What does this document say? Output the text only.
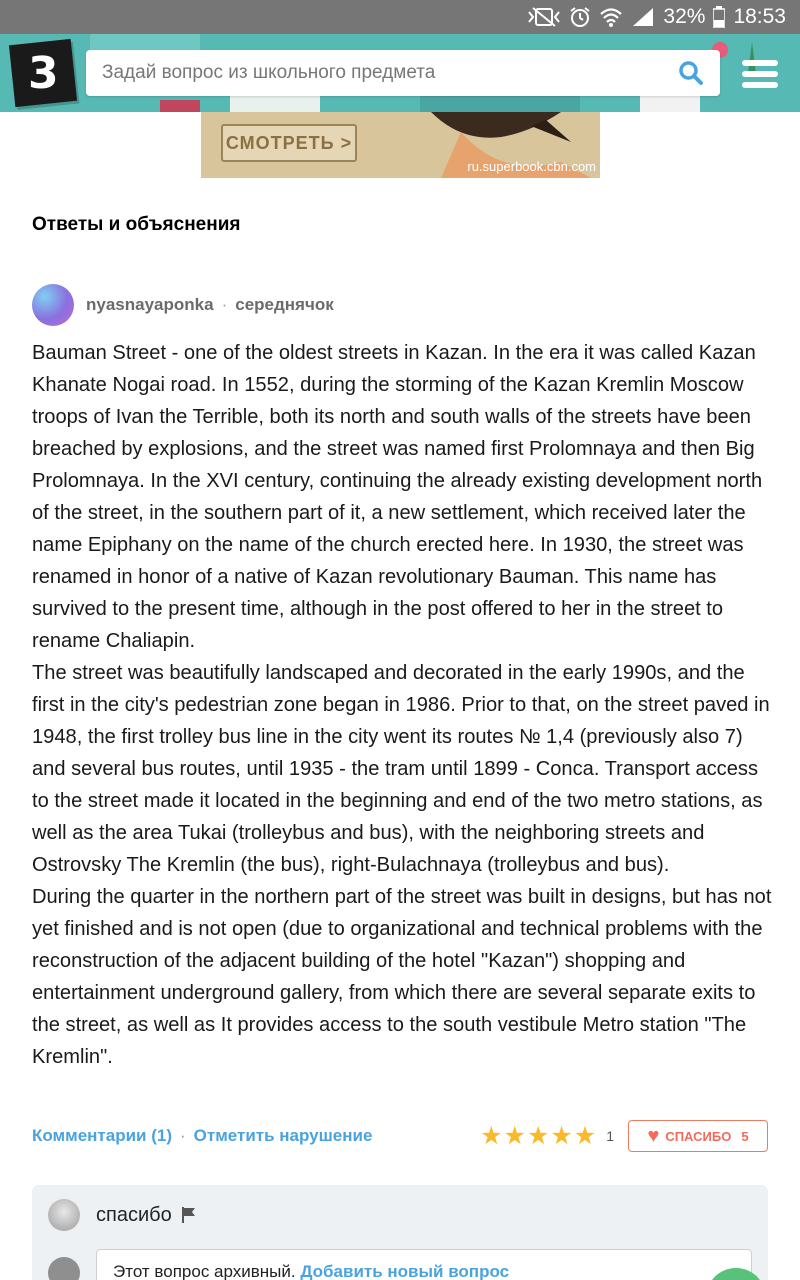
32% 18:53
3
Задай вопрос из школьного предмета
СМОТРЕТЬ >
ru.superbook.cbn.com
Ответы и объяснения
nyasnayaponka · середнячок

Bauman Street - one of the oldest streets in Kazan. In the era it was called Kazan Khanate Nogai road. In 1552, during the storming of the Kazan Kremlin Moscow troops of Ivan the Terrible, both its north and south walls of the streets have been breached by explosions, and the street was named first Prolomnaya and then Big Prolomnaya. In the XVI century, continuing the already existing development north of the street, in the southern part of it, a new settlement, which received later the name Epiphany on the name of the church erected here. In 1930, the street was renamed in honor of a native of Kazan revolutionary Bauman. This name has survived to the present time, although in the post offered to her in the street to rename Chaliapin.

The street was beautifully landscaped and decorated in the early 1990s, and the first in the city's pedestrian zone began in 1986. Prior to that, on the street paved in 1948, the first trolley bus line in the city went its routes № 1,4 (previously also 7) and several bus routes, until 1935 - the tram until 1899 - Conca. Transport access to the street made it located in the beginning and end of the two metro stations, as well as the area Tukai (trolleybus and bus), with the neighboring streets and Ostrovsky The Kremlin (the bus), right-Bulachnaya (trolleybus and bus).

During the quarter in the northern part of the street was built in designs, but has not yet finished and is not open (due to organizational and technical problems with the reconstruction of the adjacent building of the hotel "Kazan") shopping and entertainment underground gallery, from which there are several separate exits to the street, as well as It provides access to the south vestibule Metro station "The Kremlin".

Комментарии (1) · Отметить нарушение	★ ★ ★ ★ ★ 1 ♥ СПАСИБО 5
спасибо
Этот вопрос архивный. Добавить новый вопрос
